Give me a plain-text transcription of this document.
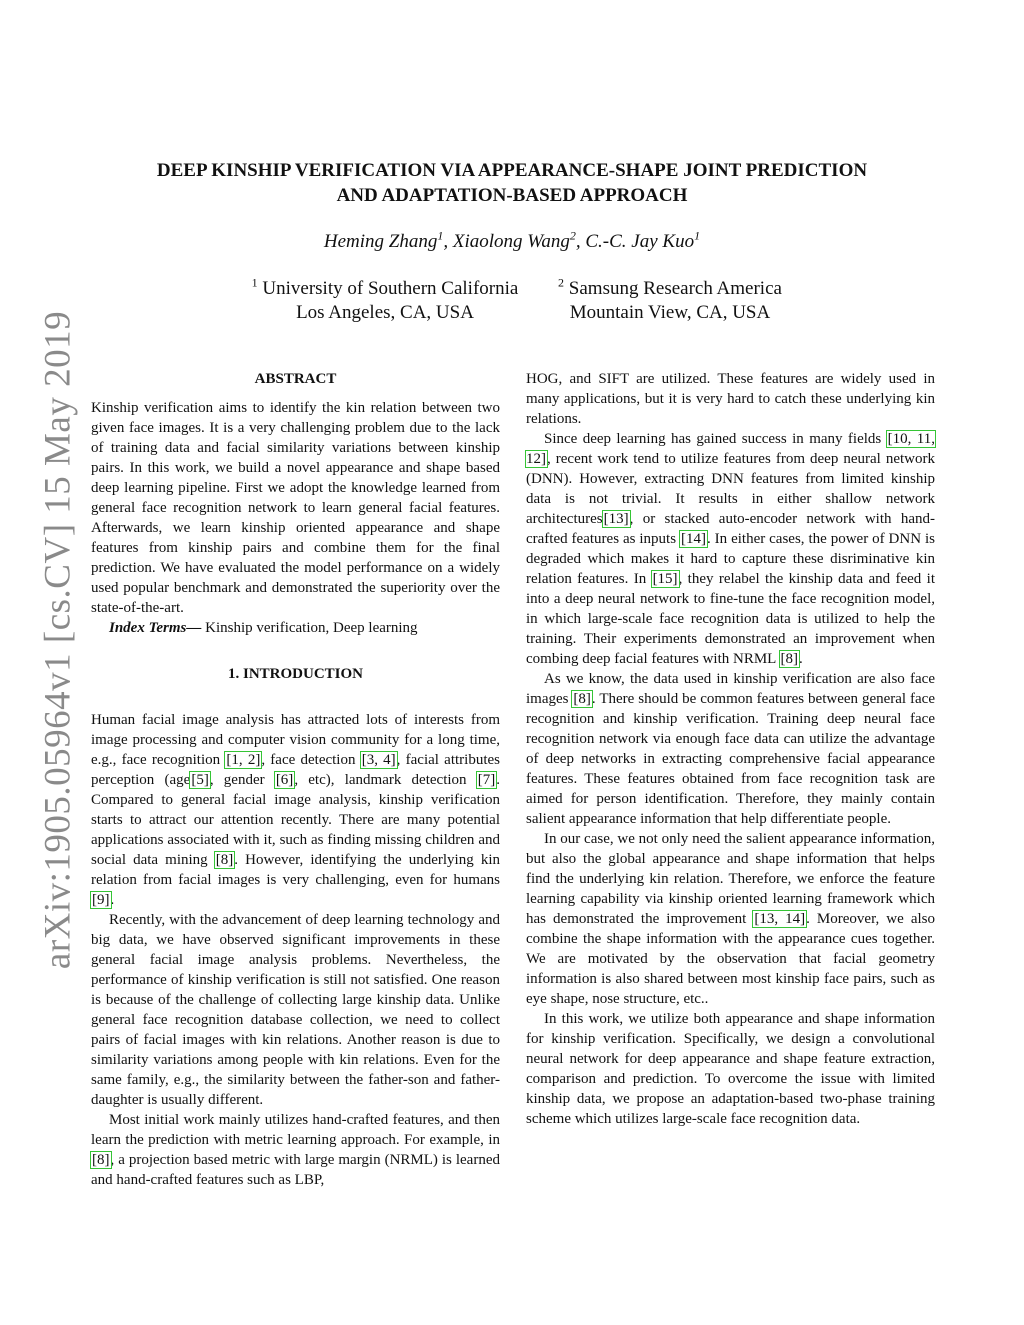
arXiv:1905.05964v1 [cs.CV] 15 May 2019
DEEP KINSHIP VERIFICATION VIA APPEARANCE-SHAPE JOINT PREDICTION
AND ADAPTATION-BASED APPROACH
Heming Zhang$^1$, Xiaolong Wang$^2$, C.-C. Jay Kuo$^1$
$^1$ University of Southern California
Los Angeles, CA, USA
$^2$ Samsung Research America
Mountain View, CA, USA
ABSTRACT

Kinship verification aims to identify the kin relation between two given face images. It is a very challenging problem due to the lack of training data and facial similarity variations between kinship pairs. In this work, we build a novel appearance and shape based deep learning pipeline. First we adopt the knowledge learned from general face recognition network to learn general facial features. Afterwards, we learn kinship oriented appearance and shape features from kinship pairs and combine them for the final prediction. We have evaluated the model performance on a widely used popular benchmark and demonstrated the superiority over the state-of-the-art.

Index Terms— Kinship verification, Deep learning

1. INTRODUCTION

Human facial image analysis has attracted lots of interests from image processing and computer vision community for a long time, e.g., face recognition [1, 2], face detection [3, 4], facial attributes perception (age[5], gender [6], etc), landmark detection [7]. Compared to general facial image analysis, kinship verification starts to attract our attention recently. There are many potential applications associated with it, such as finding missing children and social data mining [8]. However, identifying the underlying kin relation from facial images is very challenging, even for humans [9].

Recently, with the advancement of deep learning technology and big data, we have observed significant improvements in these general facial image analysis problems. Nevertheless, the performance of kinship verification is still not satisfied. One reason is because of the challenge of collecting large kinship data. Unlike general face recognition database collection, we need to collect pairs of facial images with kin relations. Another reason is due to similarity variations among people with kin relations. Even for the same family, e.g., the similarity between the father-son and father-daughter is usually different.

Most initial work mainly utilizes hand-crafted features, and then learn the prediction with metric learning approach. For example, in [8], a projection based metric with large margin (NRML) is learned and hand-crafted features such as LBP,

HOG, and SIFT are utilized. These features are widely used in many applications, but it is very hard to catch these underlying kin relations.

Since deep learning has gained success in many fields [10, 11, 12], recent work tend to utilize features from deep neural network (DNN). However, extracting DNN features from limited kinship data is not trivial. It results in either shallow network architectures[13], or stacked auto-encoder network with hand-crafted features as inputs [14]. In either cases, the power of DNN is degraded which makes it hard to capture these disriminative kin relation features. In [15], they relabel the kinship data and feed it into a deep neural network to fine-tune the face recognition model, in which large-scale face recognition data is utilized to help the training. Their experiments demonstrated an improvement when combing deep facial features with NRML [8].

As we know, the data used in kinship verification are also face images [8]. There should be common features between general face recognition and kinship verification. Training deep neural face recognition network via enough face data can utilize the advantage of deep networks in extracting comprehensive facial appearance features. These features obtained from face recognition task are aimed for person identification. Therefore, they mainly contain salient appearance information that help differentiate people.

In our case, we not only need the salient appearance information, but also the global appearance and shape information that helps find the underlying kin relation. Therefore, we enforce the feature learning capability via kinship oriented learning framework which has demonstrated the improvement [13, 14]. Moreover, we also combine the shape information with the appearance cues together. We are motivated by the observation that facial geometry information is also shared between most kinship face pairs, such as eye shape, nose structure, etc..

In this work, we utilize both appearance and shape information for kinship verification. Specifically, we design a convolutional neural network for deep appearance and shape feature extraction, comparison and prediction. To overcome the issue with limited kinship data, we propose an adaptation-based two-phase training scheme which utilizes large-scale face recognition data.
